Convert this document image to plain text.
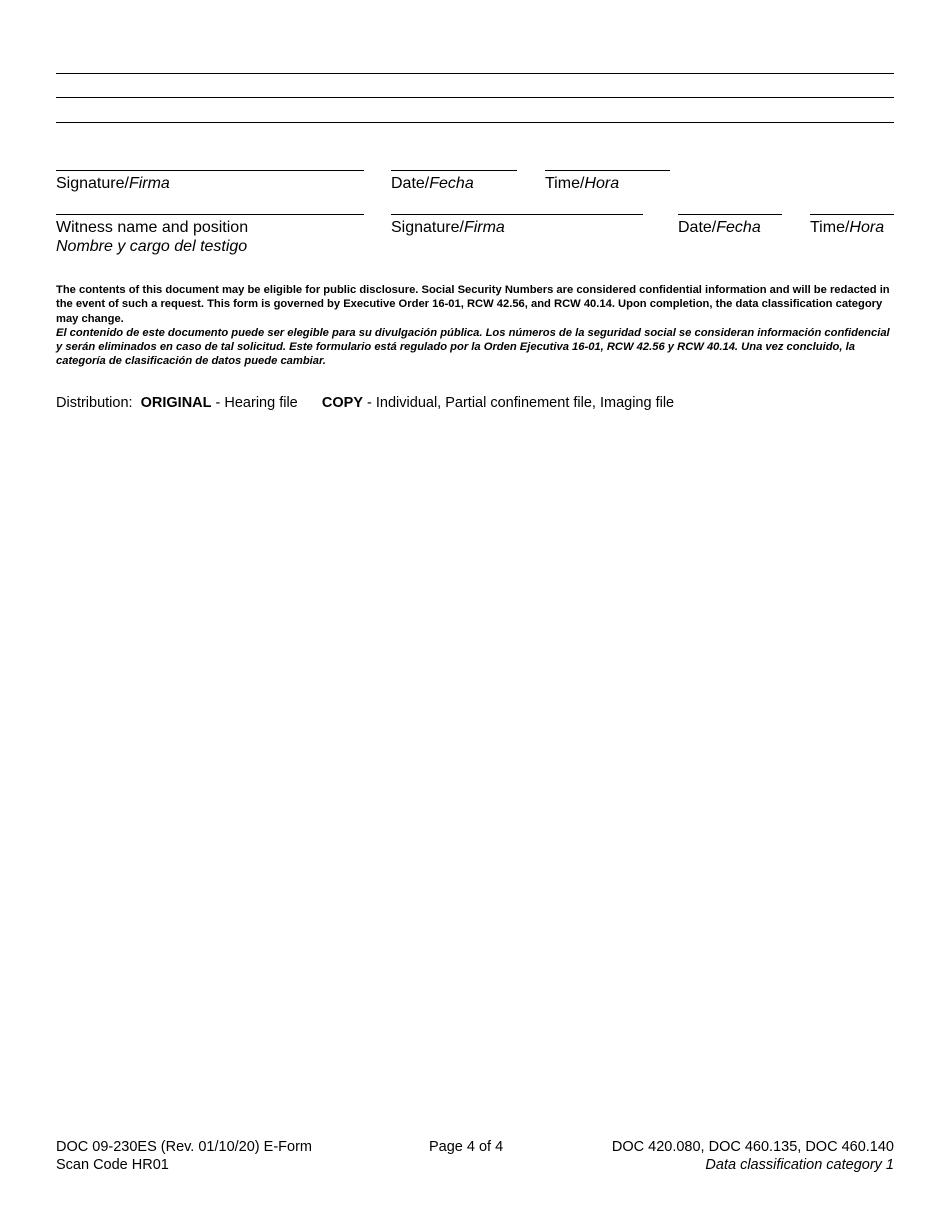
Signature/Firma	Date/Fecha	Time/Hora
Witness name and position
Nombre y cargo del testigo
Signature/Firma	Date/Fecha	Time/Hora

The contents of this document may be eligible for public disclosure. Social Security Numbers are considered confidential information and will be redacted in the event of such a request. This form is governed by Executive Order 16-01, RCW 42.56, and RCW 40.14. Upon completion, the data classification category may change.

El contenido de este documento puede ser elegible para su divulgación pública. Los números de la seguridad social se consideran información confidencial y serán eliminados en caso de tal solicitud. Este formulario está regulado por la Orden Ejecutiva 16-01, RCW 42.56 y RCW 40.14. Una vez concluido, la categoría de clasificación de datos puede cambiar.

Distribution: ORIGINAL - Hearing file COPY - Individual, Partial confinement file, Imaging file
DOC 09-230ES (Rev. 01/10/20) E-Form
Scan Code HR01
Page 4 of 4	DOC 420.080, DOC 460.135, DOC 460.140
Data classification category 1
